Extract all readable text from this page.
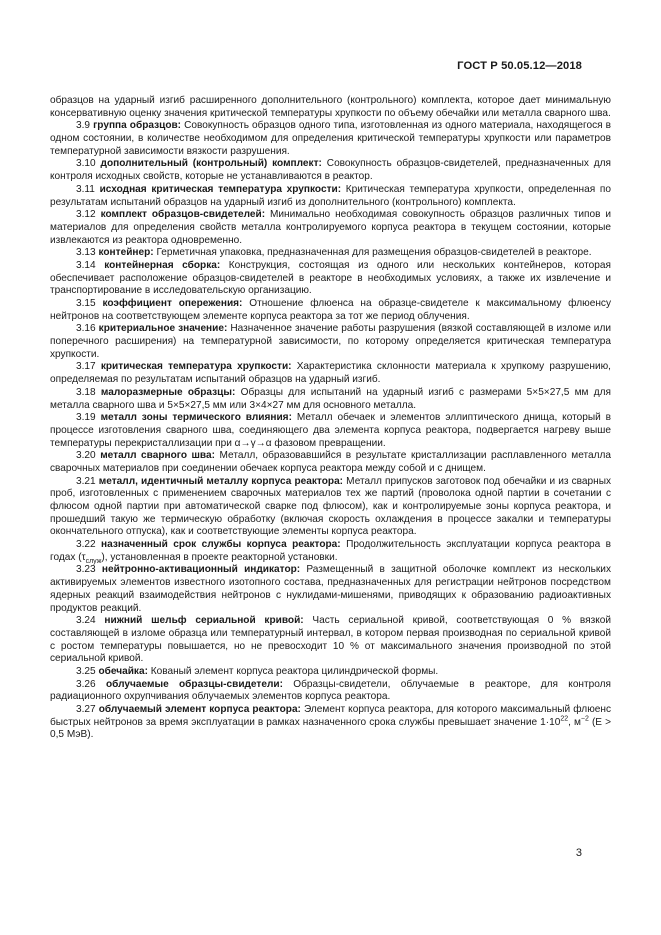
ГОСТ Р 50.05.12—2018

образцов на ударный изгиб расширенного дополнительного (контрольного) комплекта, которое дает минимальную консервативную оценку значения критической температуры хрупкости по объему обечайки или металла сварного шва.

3.9 группа образцов: Совокупность образцов одного типа, изготовленная из одного материала, находящегося в одном состоянии, в количестве необходимом для определения критической температуры хрупкости или параметров температурной зависимости вязкости разрушения.

3.10 дополнительный (контрольный) комплект: Совокупность образцов-свидетелей, предназначенных для контроля исходных свойств, которые не устанавливаются в реактор.

3.11 исходная критическая температура хрупкости: Критическая температура хрупкости, определенная по результатам испытаний образцов на ударный изгиб из дополнительного (контрольного) комплекта.

3.12 комплект образцов-свидетелей: Минимально необходимая совокупность образцов различных типов и материалов для определения свойств металла контролируемого корпуса реактора в текущем состоянии, которые извлекаются из реактора одновременно.

3.13 контейнер: Герметичная упаковка, предназначенная для размещения образцов-свидетелей в реакторе.

3.14 контейнерная сборка: Конструкция, состоящая из одного или нескольких контейнеров, которая обеспечивает расположение образцов-свидетелей в реакторе в необходимых условиях, а также их извлечение и транспортирование в исследовательскую организацию.

3.15 коэффициент опережения: Отношение флюенса на образце-свидетеле к максимальному флюенсу нейтронов на соответствующем элементе корпуса реактора за тот же период облучения.

3.16 критериальное значение: Назначенное значение работы разрушения (вязкой составляющей в изломе или поперечного расширения) на температурной зависимости, по которому определяется критическая температура хрупкости.

3.17 критическая температура хрупкости: Характеристика склонности материала к хрупкому разрушению, определяемая по результатам испытаний образцов на ударный изгиб.

3.18 малоразмерные образцы: Образцы для испытаний на ударный изгиб с размерами 5×5×27,5 мм для металла сварного шва и 5×5×27,5 мм или 3×4×27 мм для основного металла.

3.19 металл зоны термического влияния: Металл обечаек и элементов эллиптического днища, который в процессе изготовления сварного шва, соединяющего два элемента корпуса реактора, подвергается нагреву выше температуры перекристаллизации при α→γ→α фазовом превращении.

3.20 металл сварного шва: Металл, образовавшийся в результате кристаллизации расплавленного металла сварочных материалов при соединении обечаек корпуса реактора между собой и с днищем.

3.21 металл, идентичный металлу корпуса реактора: Металл припусков заготовок под обечайки и из сварных проб, изготовленных с применением сварочных материалов тех же партий (проволока одной партии в сочетании с флюсом одной партии при автоматической сварке под флюсом), как и контролируемые зоны корпуса реактора, и прошедший такую же термическую обработку (включая скорость охлаждения в процессе закалки и температуры окончательного отпуска), как и соответствующие элементы корпуса реактора.

3.22 назначенный срок службы корпуса реактора: Продолжительность эксплуатации корпуса реактора в годах $(\tau_{служ})$, установленная в проекте реакторной установки.

3.23 нейтронно-активационный индикатор: Размещенный в защитной оболочке комплект из нескольких активируемых элементов известного изотопного состава, предназначенных для регистрации нейтронов посредством ядерных реакций взаимодействия нейтронов с нуклидами-мишенями, приводящих к образованию радиоактивных продуктов реакций.

3.24 нижний шельф сериальной кривой: Часть сериальной кривой, соответствующая 0 % вязкой составляющей в изломе образца или температурный интервал, в котором первая производная по сериальной кривой с ростом температуры повышается, но не превосходит 10 % от максимального значения производной по этой сериальной кривой.

3.25 обечайка: Кованый элемент корпуса реактора цилиндрической формы.

3.26 облучаемые образцы-свидетели: Образцы-свидетели, облучаемые в реакторе, для контроля радиационного охрупчивания облучаемых элементов корпуса реактора.

3.27 облучаемый элемент корпуса реактора: Элемент корпуса реактора, для которого максимальный флюенс быстрых нейтронов за время эксплуатации в рамках назначенного срока службы превышает значение $1\cdot 10^{22}$, $м^{-2}$ (E > 0,5 МэВ).

3
